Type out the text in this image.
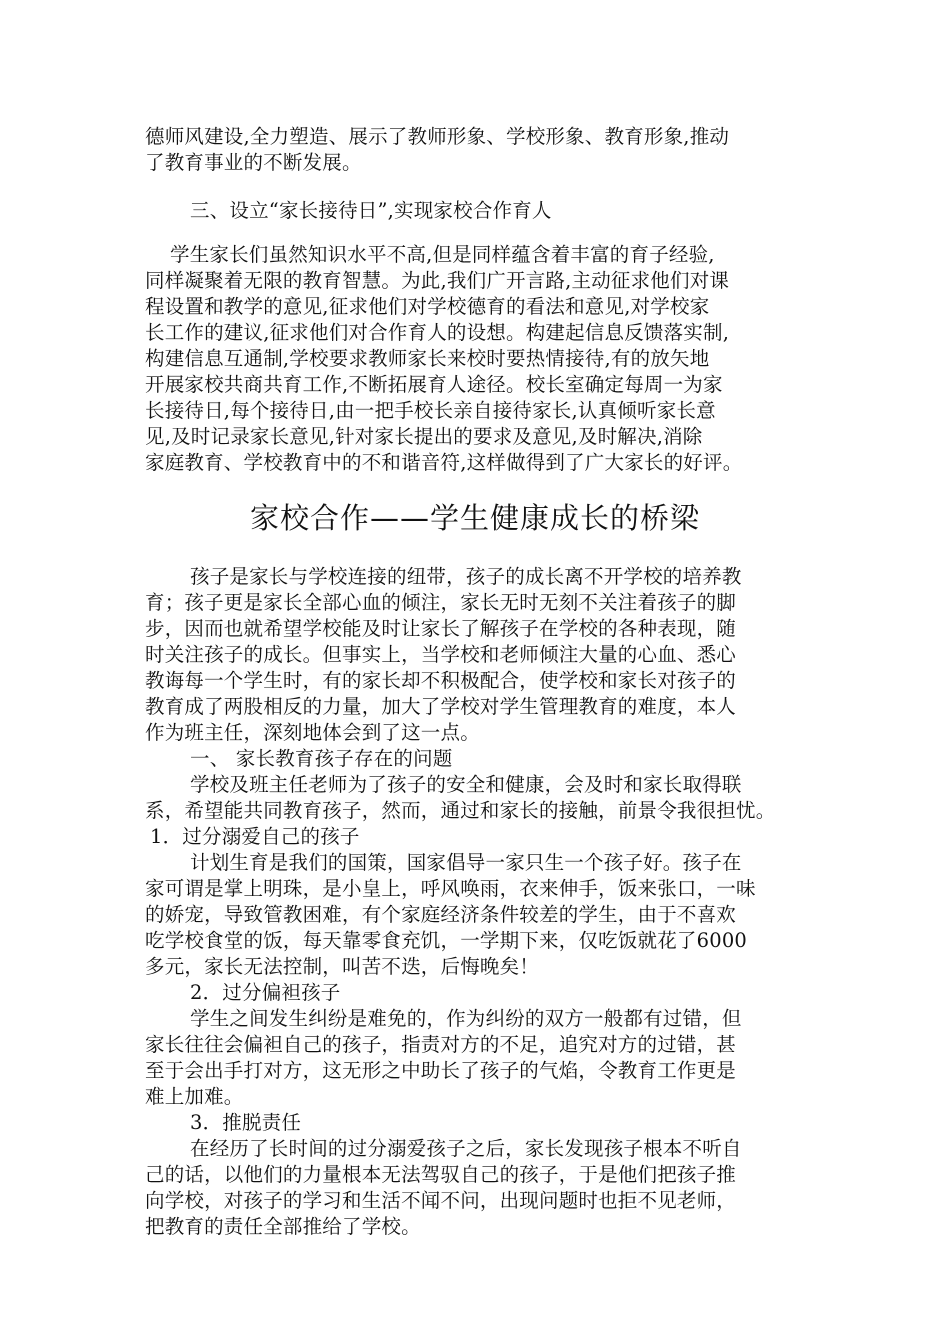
德师风建设,全力塑造、展示了教师形象、学校形象、教育形象,推动
了教育事业的不断发展。
三、设立“家长接待日”,实现家校合作育人
学生家长们虽然知识水平不高,但是同样蕴含着丰富的育子经验,
同样凝聚着无限的教育智慧。为此,我们广开言路,主动征求他们对课
程设置和教学的意见,征求他们对学校德育的看法和意见,对学校家
长工作的建议,征求他们对合作育人的设想。构建起信息反馈落实制,
构建信息互通制,学校要求教师家长来校时要热情接待,有的放矢地
开展家校共商共育工作,不断拓展育人途径。校长室确定每周一为家
长接待日,每个接待日,由一把手校长亲自接待家长,认真倾听家长意
见,及时记录家长意见,针对家长提出的要求及意见,及时解决,消除
家庭教育、学校教育中的不和谐音符,这样做得到了广大家长的好评。
家校合作——学生健康成长的桥梁
孩子是家长与学校连接的纽带，孩子的成长离不开学校的培养教
育；孩子更是家长全部心血的倾注，家长无时无刻不关注着孩子的脚
步，因而也就希望学校能及时让家长了解孩子在学校的各种表现，随
时关注孩子的成长。但事实上，当学校和老师倾注大量的心血、悉心
教诲每一个学生时，有的家长却不积极配合，使学校和家长对孩子的
教育成了两股相反的力量，加大了学校对学生管理教育的难度，本人
作为班主任，深刻地体会到了这一点。
一、 家长教育孩子存在的问题
学校及班主任老师为了孩子的安全和健康，会及时和家长取得联
系，希望能共同教育孩子，然而，通过和家长的接触，前景令我很担忧。
1．过分溺爱自己的孩子
计划生育是我们的国策，国家倡导一家只生一个孩子好。孩子在
家可谓是掌上明珠，是小皇上，呼风唤雨，衣来伸手，饭来张口，一味
的娇宠，导致管教困难，有个家庭经济条件较差的学生，由于不喜欢
吃学校食堂的饭，每天靠零食充饥，一学期下来，仅吃饭就花了6000
多元，家长无法控制，叫苦不迭，后悔晚矣！
2．过分偏袒孩子
学生之间发生纠纷是难免的，作为纠纷的双方一般都有过错，但
家长往往会偏袒自己的孩子，指责对方的不足，追究对方的过错，甚
至于会出手打对方，这无形之中助长了孩子的气焰，令教育工作更是
难上加难。
3．推脱责任
在经历了长时间的过分溺爱孩子之后，家长发现孩子根本不听自
己的话，以他们的力量根本无法驾驭自己的孩子，于是他们把孩子推
向学校，对孩子的学习和生活不闻不问，出现问题时也拒不见老师，
把教育的责任全部推给了学校。
